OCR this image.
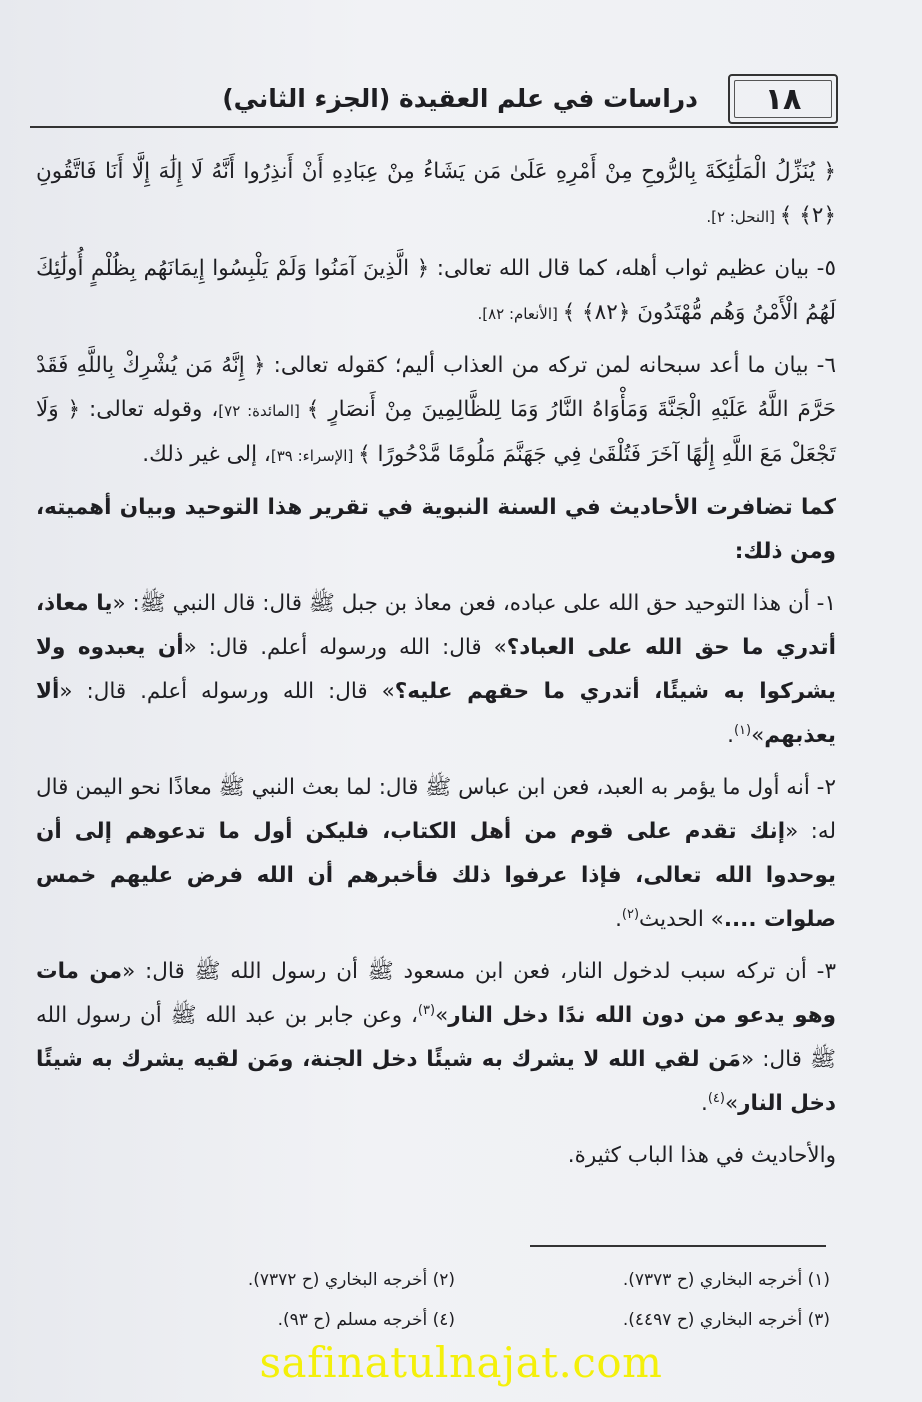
١٨
دراسات في علم العقيدة (الجزء الثاني)

﴿ يُنَزِّلُ الْمَلَٰئِكَةَ بِالرُّوحِ مِنْ أَمْرِهِ عَلَىٰ مَن يَشَاءُ مِنْ عِبَادِهِ أَنْ أَنذِرُوا أَنَّهُ لَا إِلَٰهَ إِلَّا أَنَا فَاتَّقُونِ ﴿٢﴾ ﴾ [النحل: ٢].

٥- بيان عظيم ثواب أهله، كما قال الله تعالى: ﴿ الَّذِينَ آمَنُوا وَلَمْ يَلْبِسُوا إِيمَانَهُم بِظُلْمٍ أُولَٰئِكَ لَهُمُ الْأَمْنُ وَهُم مُّهْتَدُونَ ﴿٨٢﴾ ﴾ [الأنعام: ٨٢].

٦- بيان ما أعد سبحانه لمن تركه من العذاب أليم؛ كقوله تعالى: ﴿ إِنَّهُ مَن يُشْرِكْ بِاللَّهِ فَقَدْ حَرَّمَ اللَّهُ عَلَيْهِ الْجَنَّةَ وَمَأْوَاهُ النَّارُ وَمَا لِلظَّالِمِينَ مِنْ أَنصَارٍ ﴾ [المائدة: ٧٢]، وقوله تعالى: ﴿ وَلَا تَجْعَلْ مَعَ اللَّهِ إِلَٰهًا آخَرَ فَتُلْقَىٰ فِي جَهَنَّمَ مَلُومًا مَّدْحُورًا ﴾ [الإسراء: ٣٩]، إلى غير ذلك.

كما تضافرت الأحاديث في السنة النبوية في تقرير هذا التوحيد وبيان أهميته، ومن ذلك:

١- أن هذا التوحيد حق الله على عباده، فعن معاذ بن جبل ﷺ قال: قال النبي ﷺ: «يا معاذ، أتدري ما حق الله على العباد؟» قال: الله ورسوله أعلم. قال: «أن يعبدوه ولا يشركوا به شيئًا، أتدري ما حقهم عليه؟» قال: الله ورسوله أعلم. قال: «ألا يعذبهم»$^{(١)}$.

٢- أنه أول ما يؤمر به العبد، فعن ابن عباس ﷺ قال: لما بعث النبي ﷺ معاذًا نحو اليمن قال له: «إنك تقدم على قوم من أهل الكتاب، فليكن أول ما تدعوهم إلى أن يوحدوا الله تعالى، فإذا عرفوا ذلك فأخبرهم أن الله فرض عليهم خمس صلوات ....» الحديث$^{(٢)}$.

٣- أن تركه سبب لدخول النار، فعن ابن مسعود ﷺ أن رسول الله ﷺ قال: «من مات وهو يدعو من دون الله ندًا دخل النار»$^{(٣)}$، وعن جابر بن عبد الله ﷺ أن رسول الله ﷺ قال: «مَن لقي الله لا يشرك به شيئًا دخل الجنة، ومَن لقيه يشرك به شيئًا دخل النار»$^{(٤)}$.

والأحاديث في هذا الباب كثيرة.

(١) أخرجه البخاري (ح ٧٣٧٣).
(٢) أخرجه البخاري (ح ٧٣٧٢).
(٣) أخرجه البخاري (ح ٤٤٩٧).
(٤) أخرجه مسلم (ح ٩٣).
safinatulnajat.com
